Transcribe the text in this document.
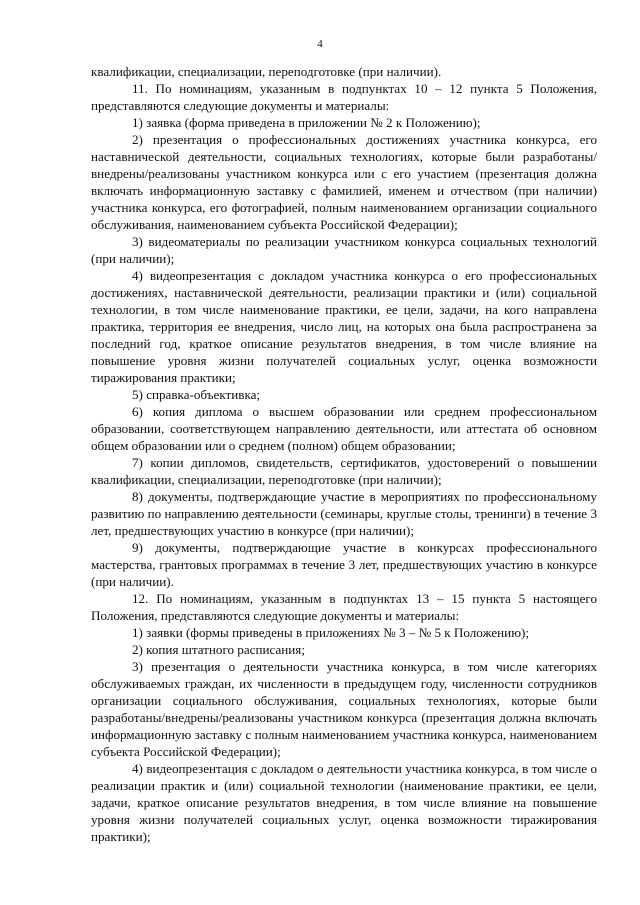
4

квалификации, специализации, переподготовке (при наличии).

11. По номинациям, указанным в подпунктах 10 – 12 пункта 5 Положения, представляются следующие документы и материалы:

1) заявка (форма приведена в приложении № 2 к Положению);

2) презентация о профессиональных достижениях участника конкурса, его наставнической деятельности, социальных технологиях, которые были разработаны/внедрены/реализованы участником конкурса или с его участием (презентация должна включать информационную заставку с фамилией, именем и отчеством (при наличии) участника конкурса, его фотографией, полным наименованием организации социального обслуживания, наименованием субъекта Российской Федерации);

3) видеоматериалы по реализации участником конкурса социальных технологий (при наличии);

4) видеопрезентация с докладом участника конкурса о его профессиональных достижениях, наставнической деятельности, реализации практики и (или) социальной технологии, в том числе наименование практики, ее цели, задачи, на кого направлена практика, территория ее внедрения, число лиц, на которых она была распространена за последний год, краткое описание результатов внедрения, в том числе влияние на повышение уровня жизни получателей социальных услуг, оценка возможности тиражирования практики;

5) справка-объективка;

6) копия диплома о высшем образовании или среднем профессиональном образовании, соответствующем направлению деятельности, или аттестата об основном общем образовании или о среднем (полном) общем образовании;

7) копии дипломов, свидетельств, сертификатов, удостоверений о повышении квалификации, специализации, переподготовке (при наличии);

8) документы, подтверждающие участие в мероприятиях по профессиональному развитию по направлению деятельности (семинары, круглые столы, тренинги) в течение 3 лет, предшествующих участию в конкурсе (при наличии);

9) документы, подтверждающие участие в конкурсах профессионального мастерства, грантовых программах в течение 3 лет, предшествующих участию в конкурсе (при наличии).

12. По номинациям, указанным в подпунктах 13 – 15 пункта 5 настоящего Положения, представляются следующие документы и материалы:

1) заявки (формы приведены в приложениях № 3 – № 5 к Положению);

2) копия штатного расписания;

3) презентация о деятельности участника конкурса, в том числе категориях обслуживаемых граждан, их численности в предыдущем году, численности сотрудников организации социального обслуживания, социальных технологиях, которые были разработаны/внедрены/реализованы участником конкурса (презентация должна включать информационную заставку с полным наименованием участника конкурса, наименованием субъекта Российской Федерации);

4) видеопрезентация с докладом о деятельности участника конкурса, в том числе о реализации практик и (или) социальной технологии (наименование практики, ее цели, задачи, краткое описание результатов внедрения, в том числе влияние на повышение уровня жизни получателей социальных услуг, оценка возможности тиражирования практики);
